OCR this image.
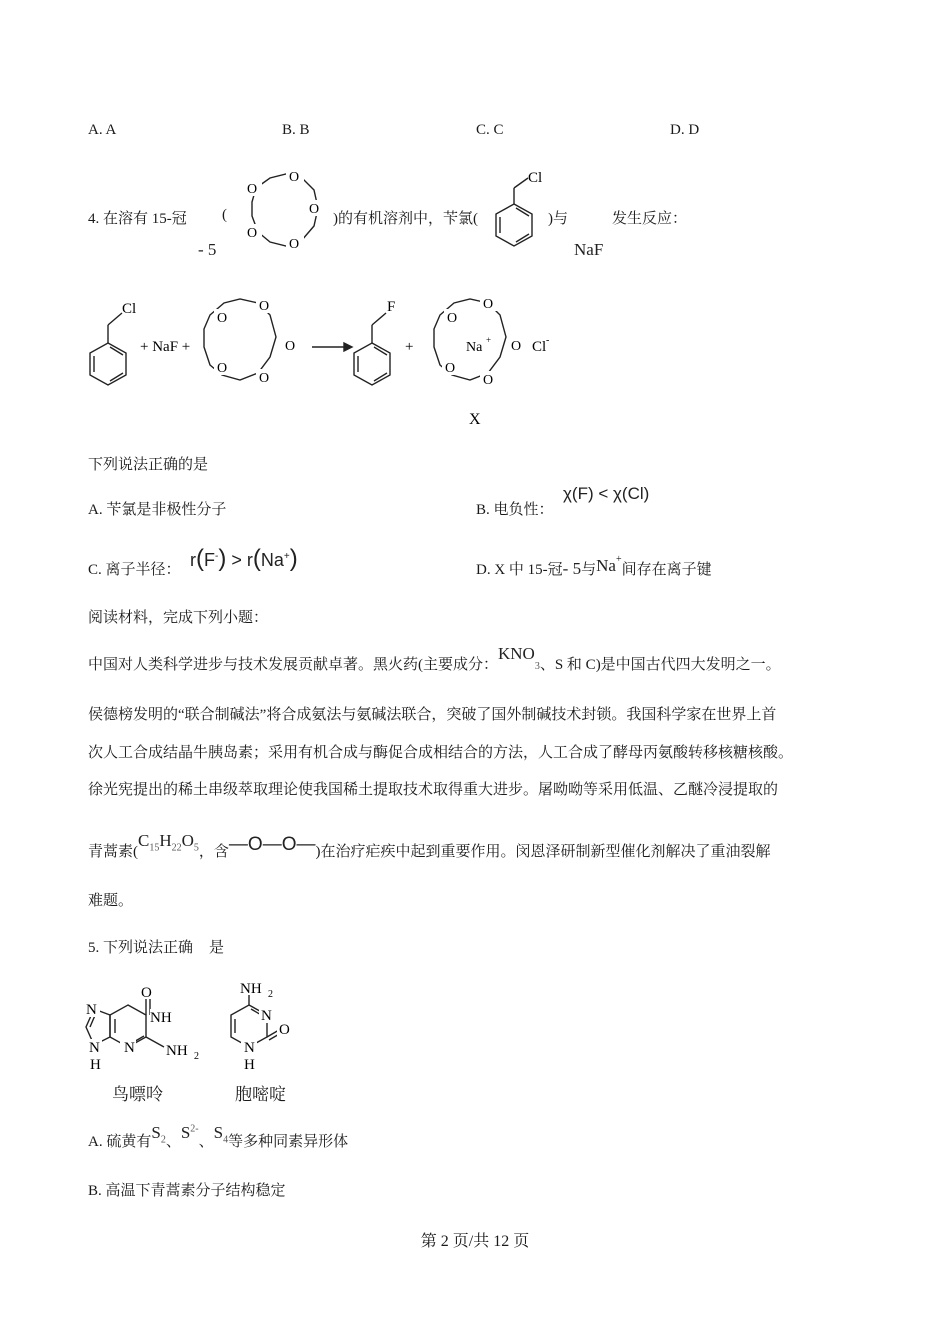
A. A	B. B	C. C	D. D
4. 在溶有 15-冠
- 5
(
O
O
O
O
O
)的有机溶剂中，苄氯(
Cl
)与
NaF
发生反应：
Cl
+ NaF +
O
O
O
O
O
F
+
O
O
O
O
O
Na +	Cl -
X
下列说法正确的是
A. 苄氯是非极性分子	B. 电负性：
χ(F) < χ(Cl)
C. 离子半径： r(F-) > r(Na+)	D. X 中 15-冠- 5与Na+间存在离子键
阅读材料，完成下列小题：
中国对人类科学进步与技术发展贡献卓著。黑火药(主要成分：$KNO_3$、S 和 C)是中国古代四大发明之一。
侯德榜发明的“联合制碱法”将合成氨法与氨碱法联合，突破了国外制碱技术封锁。我国科学家在世界上首
次人工合成结晶牛胰岛素；采用有机合成与酶促合成相结合的方法，人工合成了酵母丙氨酸转移核糖核酸。
徐光宪提出的稀土串级萃取理论使我国稀土提取技术取得重大进步。屠呦呦等采用低温、乙醚冷浸提取的
青蒿素($C_{15}H_{22}O_5$，含—O—O—)在治疗疟疾中起到重要作用。闵恩泽研制新型催化剂解决了重油裂解
难题。
5. 下列说法正确 是
O
NH
N
N
N
H
NH 2
鸟嘌呤
NH 2
N
O
N
H
胞嘧啶
A. 硫黄有$S_2$、$S^{2-}$、$S_4$等多种同素异形体
B. 高温下青蒿素分子结构稳定
第 2 页/共 12 页
